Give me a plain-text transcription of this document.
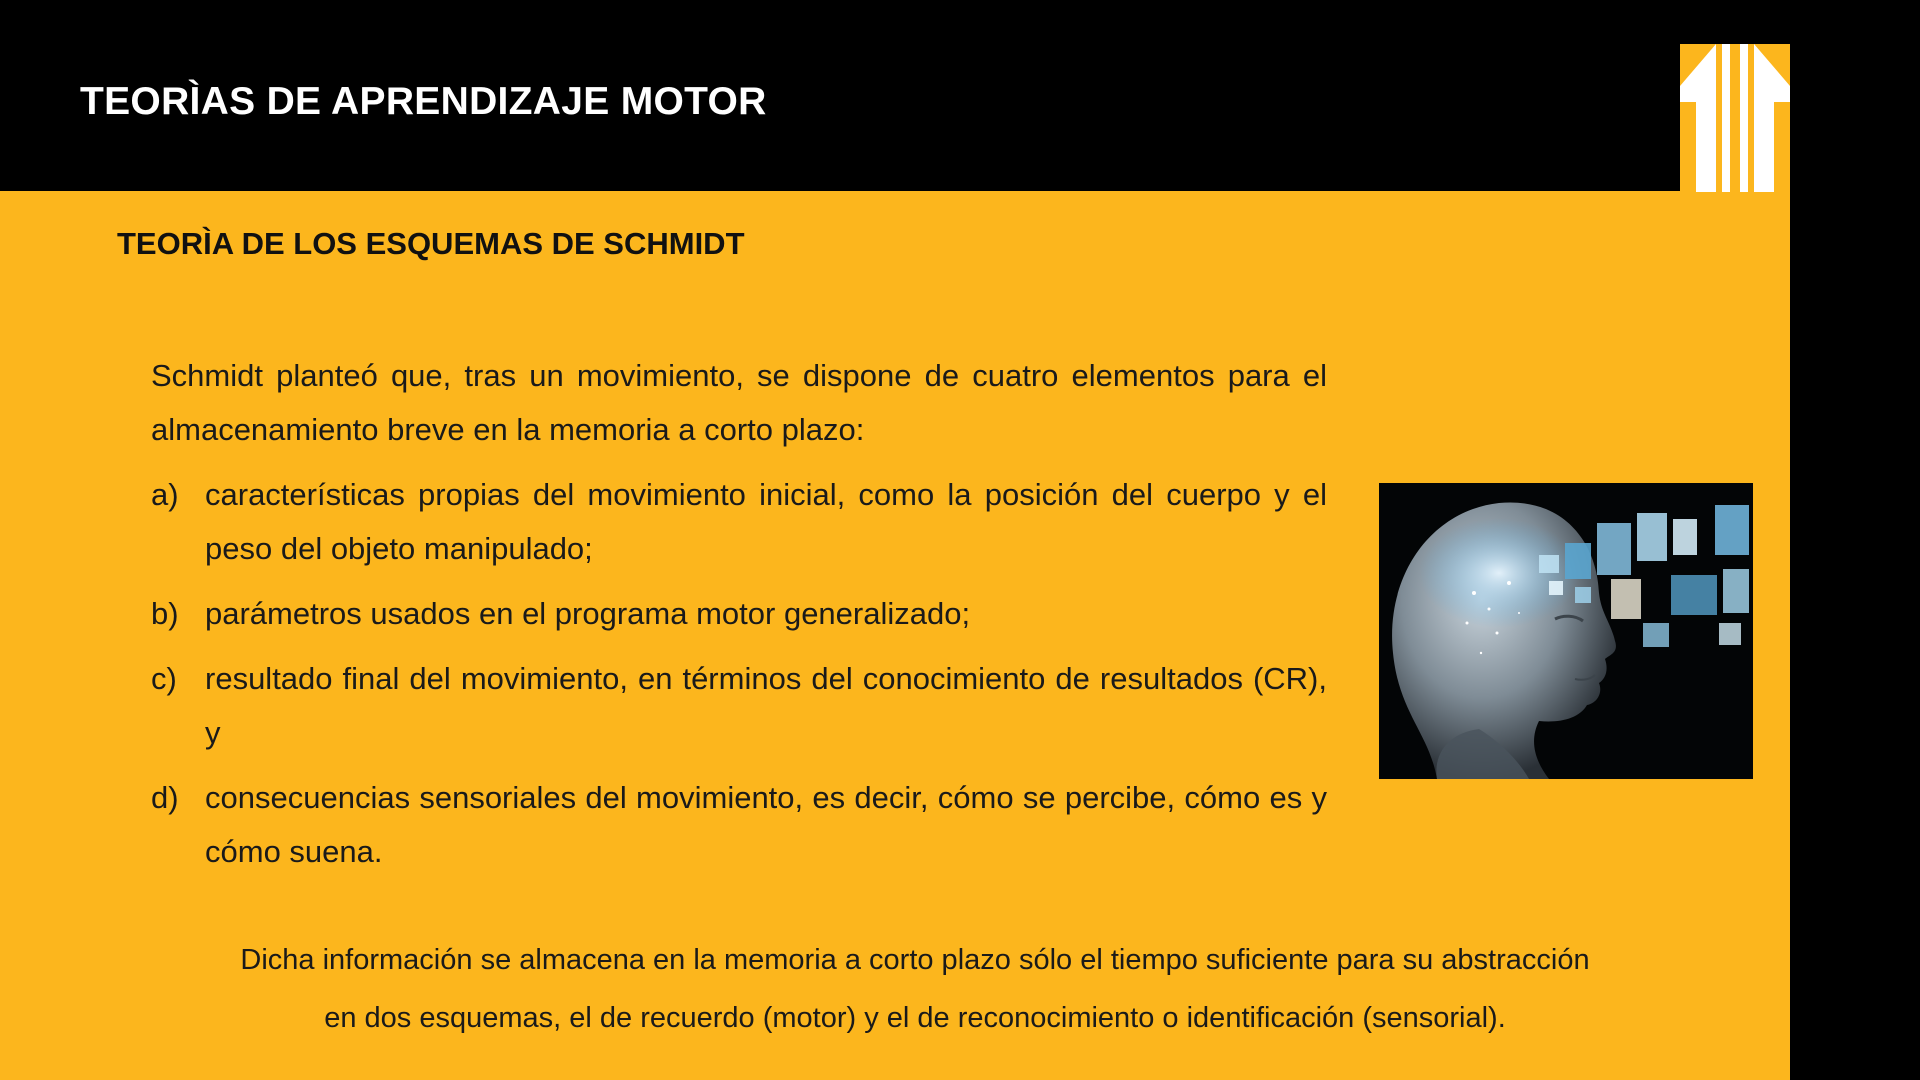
TEORÌAS DE APRENDIZAJE MOTOR
TEORÌA DE LOS ESQUEMAS DE SCHMIDT
Schmidt planteó que, tras un movimiento, se dispone de cuatro elementos para el almacenamiento breve en la memoria a corto plazo:
a) características propias del movimiento inicial, como la posición del cuerpo y el peso del objeto manipulado;
b) parámetros usados en el programa motor generalizado;
c) resultado final del movimiento, en términos del conocimiento de resultados (CR), y
d) consecuencias sensoriales del movimiento, es decir, cómo se percibe, cómo es y cómo suena.
Dicha información se almacena en la memoria a corto plazo sólo el tiempo suficiente para su abstracción en dos esquemas, el de recuerdo (motor) y el de reconocimiento o identificación (sensorial).
